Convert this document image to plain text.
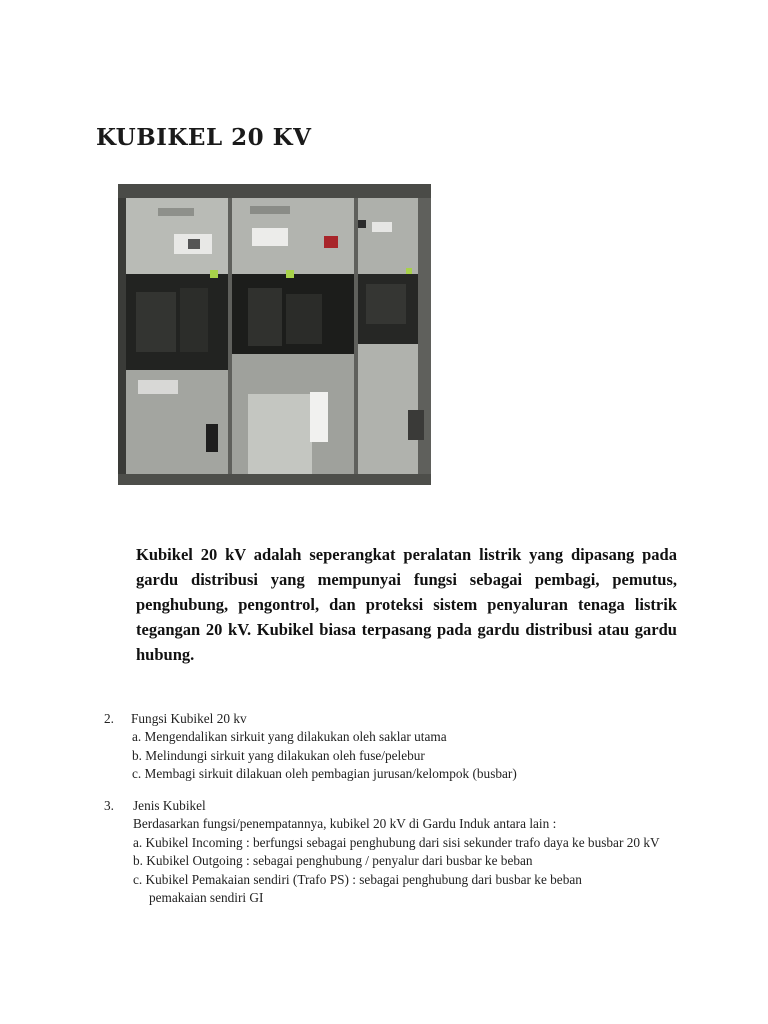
KUBIKEL 20 KV

Kubikel 20 kV adalah seperangkat peralatan listrik yang dipasang pada gardu distribusi yang mempunyai fungsi sebagai pembagi, pemutus, penghubung, pengontrol, dan proteksi sistem penyaluran tenaga listrik tegangan 20 kV. Kubikel biasa terpasang pada gardu distribusi atau gardu hubung.

2. Fungsi Kubikel 20 kv
a. Mengendalikan sirkuit yang dilakukan oleh saklar utama
b. Melindungi sirkuit yang dilakukan oleh fuse/pelebur
c. Membagi sirkuit dilakuan oleh pembagian jurusan/kelompok (busbar)
3. Jenis Kubikel
Berdasarkan fungsi/penempatannya, kubikel 20 kV di Gardu Induk antara lain :
a. Kubikel Incoming : berfungsi sebagai penghubung dari sisi sekunder trafo daya ke busbar 20 kV
b. Kubikel Outgoing : sebagai penghubung / penyalur dari busbar ke beban
c. Kubikel Pemakaian sendiri (Trafo PS) : sebagai penghubung dari busbar ke beban
pemakaian sendiri GI
